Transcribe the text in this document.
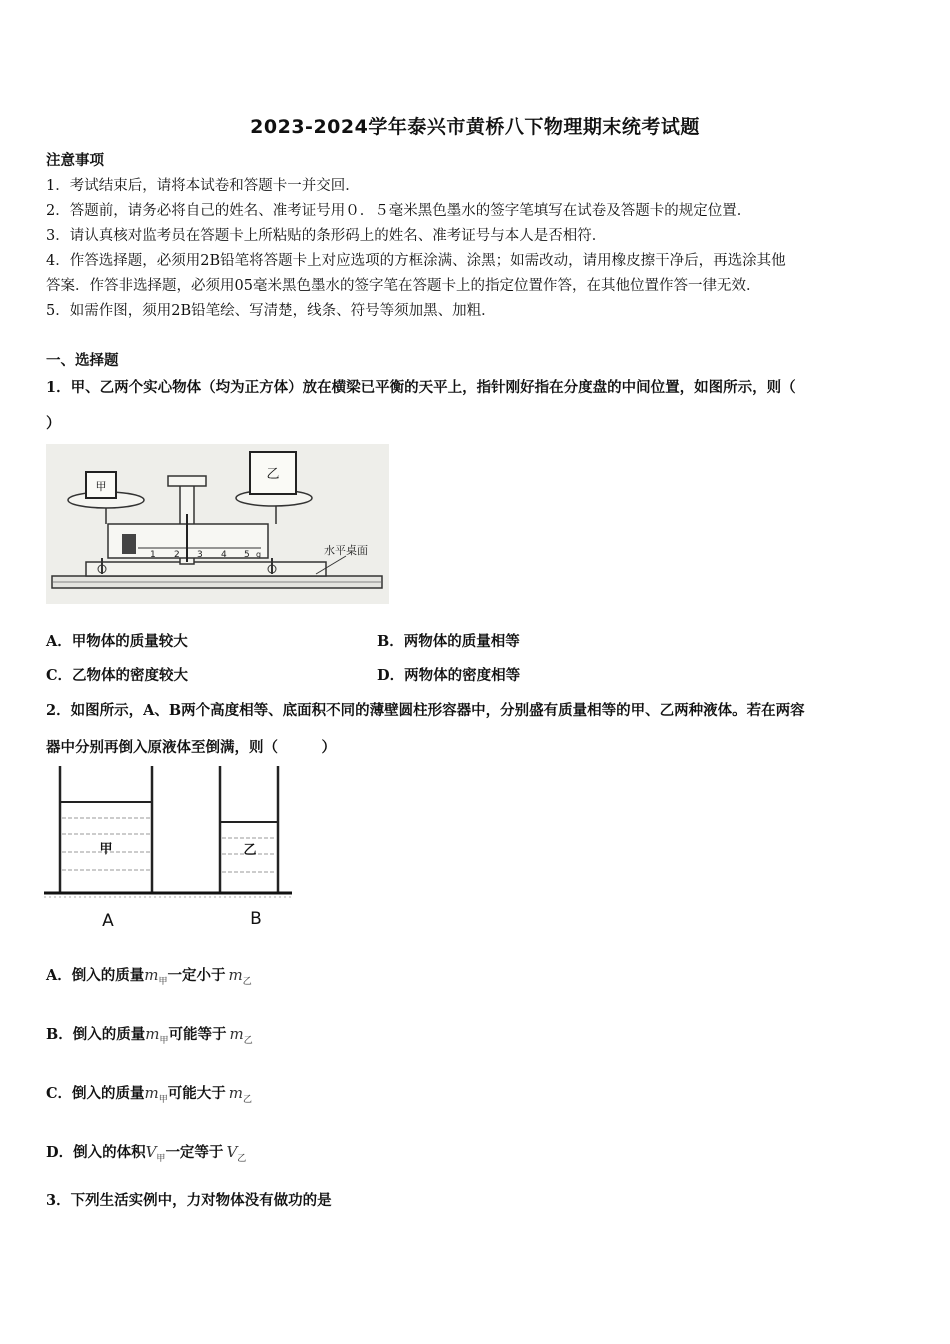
2023-2024学年泰兴市黄桥八下物理期末统考试题
注意事项
1．考试结束后，请将本试卷和答题卡一并交回．
2．答题前，请务必将自己的姓名、准考证号用０．５毫米黑色墨水的签字笔填写在试卷及答题卡的规定位置．
3．请认真核对监考员在答题卡上所粘贴的条形码上的姓名、准考证号与本人是否相符．
4．作答选择题，必须用2B铅笔将答题卡上对应选项的方框涂满、涂黑；如需改动，请用橡皮擦干净后，再选涂其他
答案．作答非选择题，必须用05毫米黑色墨水的签字笔在答题卡上的指定位置作答，在其他位置作答一律无效．
5．如需作图，须用2B铅笔绘、写清楚，线条、符号等须加黑、加粗．
一、选择题
1．甲、乙两个实心物体（均为正方体）放在横梁已平衡的天平上，指针刚好指在分度盘的中间位置，如图所示，则（
）
1 2 3 4 5 g
甲
乙
水平桌面
A．甲物体的质量较大	B．两物体的质量相等
C．乙物体的密度较大	D．两物体的密度相等
2．如图所示，A、B两个高度相等、底面积不同的薄壁圆柱形容器中，分别盛有质量相等的甲、乙两种液体。若在两容
器中分别再倒入原液体至倒满，则（　　　）
甲	乙
A	B
A．倒入的质量$m_甲$一定小于 $m_乙$
B．倒入的质量$m_甲$可能等于 $m_乙$
C．倒入的质量$m_甲$可能大于 $m_乙$
D．倒入的体积$V_甲$一定等于 $V_乙$
3．下列生活实例中，力对物体没有做功的是
